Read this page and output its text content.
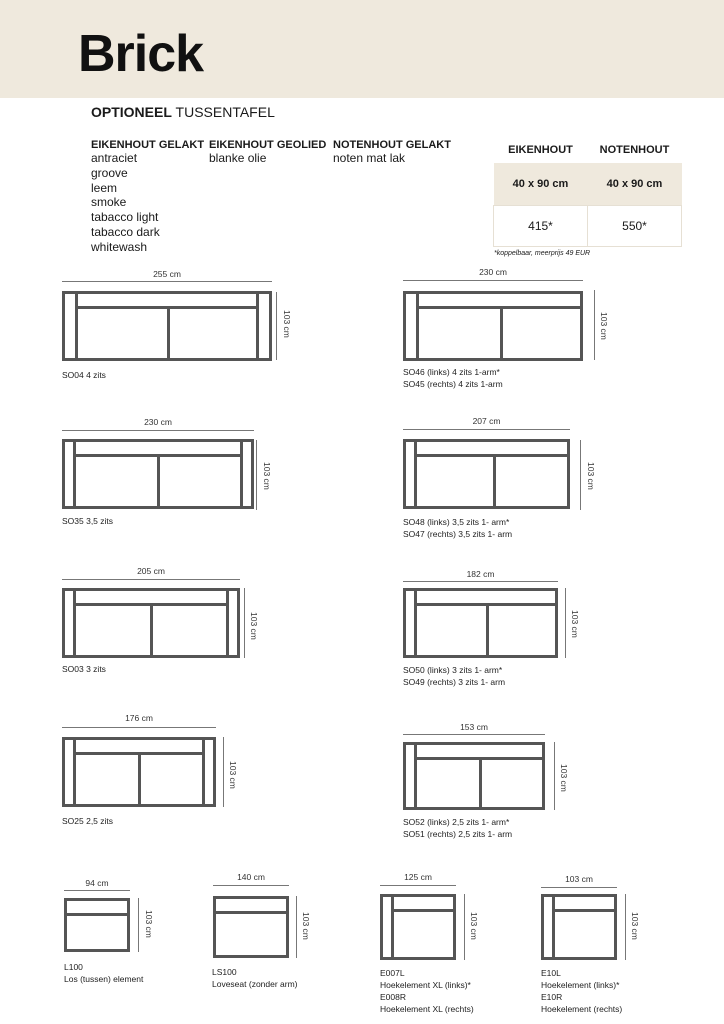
Brick
OPTIONEEL TUSSENTAFEL
EIKENHOUT GELAKT
antraciet
groove
leem
smoke
tabacco light
tabacco dark
whitewash
EIKENHOUT GEOLIED
blanke olie
NOTENHOUT GELAKT
noten mat lak
EIKENHOUT	NOTENHOUT
40 x 90 cm	40 x 90 cm
415*	550*
*koppelbaar, meerprijs 49 EUR
255 cm
103 cm
SO04 4 zits
230 cm
103 cm
SO46 (links) 4 zits 1-arm*
SO45 (rechts) 4 zits 1-arm
230 cm
103 cm
SO35 3,5 zits
207 cm
103 cm
SO48 (links) 3,5 zits 1- arm*
SO47 (rechts) 3,5 zits 1- arm
205 cm
103 cm
SO03 3 zits
182 cm
103 cm
SO50 (links) 3 zits 1- arm*
SO49 (rechts) 3 zits 1- arm
176 cm
103 cm
SO25 2,5 zits
153 cm
103 cm
SO52 (links) 2,5 zits 1- arm*
SO51 (rechts) 2,5 zits 1- arm
94 cm
103 cm
L100
Los (tussen) element
140 cm
103 cm
LS100
Loveseat (zonder arm)
125 cm
103 cm
E007L
Hoekelement XL (links)*
E008R
Hoekelement XL (rechts)
103 cm
103 cm
E10L
Hoekelement (links)*
E10R
Hoekelement (rechts)
